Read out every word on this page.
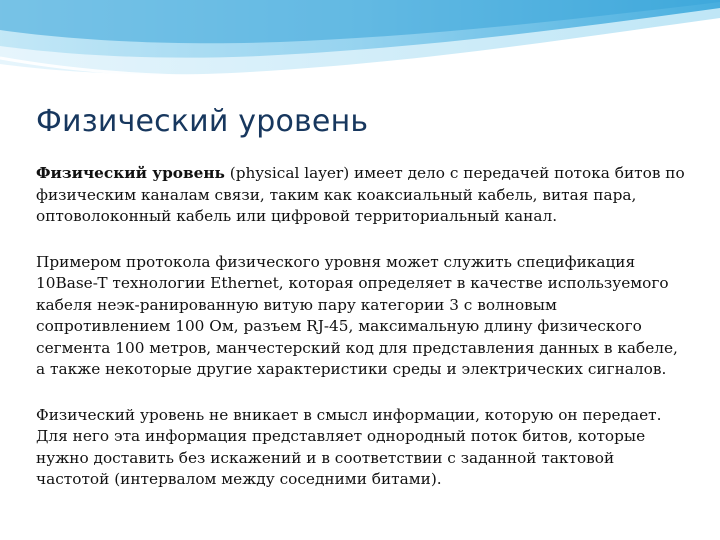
Физический уровень

Физический уровень (physical layer) имеет дело с передачей потока битов по физическим каналам связи, таким как коаксиальный кабель, витая пара, оптоволоконный кабель или цифровой территориальный канал.

Примером протокола физического уровня может служить спецификация 10Base-T технологии Ethernet, которая определяет в качестве используемого кабеля неэк-ранированную витую пару категории 3 с волновым сопротивлением 100 Ом, разъем RJ-45, максимальную длину физического сегмента 100 метров, манчестерский код для представления данных в кабеле, а также некоторые другие характеристики среды и электрических сигналов.

Физический уровень не вникает в смысл информации, которую он передает. Для него эта информация представляет однородный поток битов, которые нужно доставить без искажений и в соответствии с заданной тактовой частотой (интервалом между соседними битами).
